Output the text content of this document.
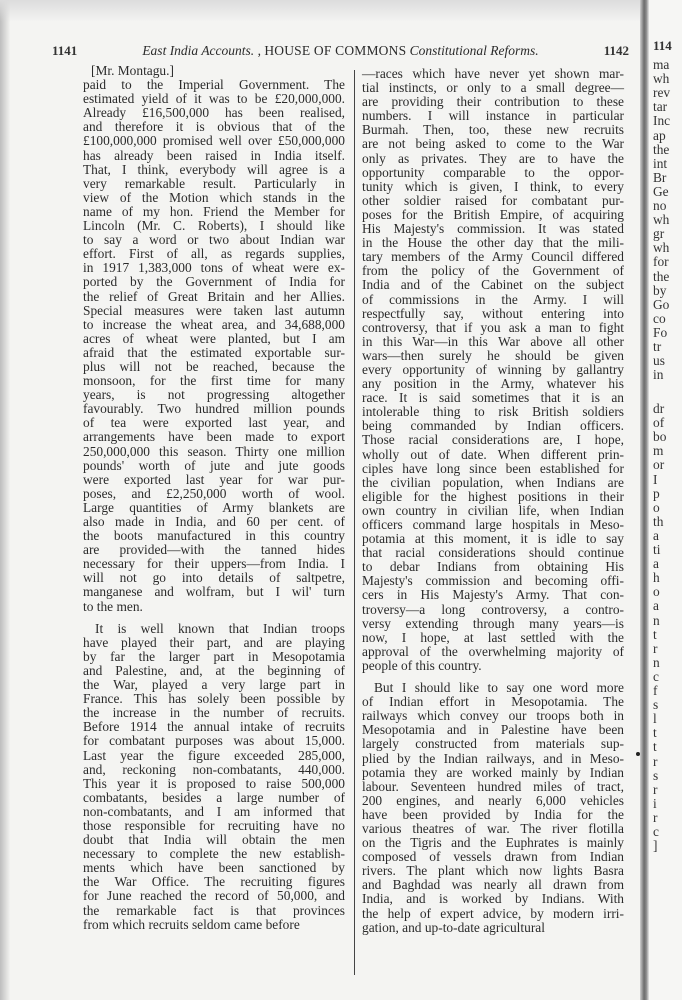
1141	East India Accounts. , HOUSE OF COMMONS Constitutional Reforms.	1142
[Mr. Montagu.]
paid to the Imperial Government. The
estimated yield of it was to be £20,000,000.
Already £16,500,000 has been realised,
and therefore it is obvious that of the
£100,000,000 promised well over £50,000,000
has already been raised in India itself.
That, I think, everybody will agree is a
very remarkable result. Particularly in
view of the Motion which stands in the
name of my hon. Friend the Member for
Lincoln (Mr. C. Roberts), I should like
to say a word or two about Indian war
effort. First of all, as regards supplies,
in 1917 1,383,000 tons of wheat were ex-
ported by the Government of India for
the relief of Great Britain and her Allies.
Special measures were taken last autumn
to increase the wheat area, and 34,688,000
acres of wheat were planted, but I am
afraid that the estimated exportable sur-
plus will not be reached, because the
monsoon, for the first time for many
years, is not progressing altogether
favourably. Two hundred million pounds
of tea were exported last year, and
arrangements have been made to export
250,000,000 this season. Thirty one million
pounds' worth of jute and jute goods
were exported last year for war pur-
poses, and £2,250,000 worth of wool.
Large quantities of Army blankets are
also made in India, and 60 per cent. of
the boots manufactured in this country
are provided—with the tanned hides
necessary for their uppers—from India. I
will not go into details of saltpetre,
manganese and wolfram, but I wil' turn
to the men.
It is well known that Indian troops
have played their part, and are playing
by far the larger part in Mesopotamia
and Palestine, and, at the beginning of
the War, played a very large part in
France. This has solely been possible by
the increase in the number of recruits.
Before 1914 the annual intake of recruits
for combatant purposes was about 15,000.
Last year the figure exceeded 285,000,
and, reckoning non-combatants, 440,000.
This year it is proposed to raise 500,000
combatants, besides a large number of
non-combatants, and I am informed that
those responsible for recruiting have no
doubt that India will obtain the men
necessary to complete the new establish-
ments which have been sanctioned by
the War Office. The recruiting figures
for June reached the record of 50,000, and
the remarkable fact is that provinces
from which recruits seldom came before
—races which have never yet shown mar-
tial instincts, or only to a small degree—
are providing their contribution to these
numbers. I will instance in particular
Burmah. Then, too, these new recruits
are not being asked to come to the War
only as privates. They are to have the
opportunity comparable to the oppor-
tunity which is given, I think, to every
other soldier raised for combatant pur-
poses for the British Empire, of acquiring
His Majesty's commission. It was stated
in the House the other day that the mili-
tary members of the Army Council differed
from the policy of the Government of
India and of the Cabinet on the subject
of commissions in the Army. I will
respectfully say, without entering into
controversy, that if you ask a man to fight
in this War—in this War above all other
wars—then surely he should be given
every opportunity of winning by gallantry
any position in the Army, whatever his
race. It is said sometimes that it is an
intolerable thing to risk British soldiers
being commanded by Indian officers.
Those racial considerations are, I hope,
wholly out of date. When different prin-
ciples have long since been established for
the civilian population, when Indians are
eligible for the highest positions in their
own country in civilian life, when Indian
officers command large hospitals in Meso-
potamia at this moment, it is idle to say
that racial considerations should continue
to debar Indians from obtaining His
Majesty's commission and becoming offi-
cers in His Majesty's Army. That con-
troversy—a long controversy, a contro-
versy extending through many years—is
now, I hope, at last settled with the
approval of the overwhelming majority of
people of this country.
But I should like to say one word more
of Indian effort in Mesopotamia. The
railways which convey our troops both in
Mesopotamia and in Palestine have been
largely constructed from materials sup-
plied by the Indian railways, and in Meso-
potamia they are worked mainly by Indian
labour. Seventeen hundred miles of tract,
200 engines, and nearly 6,000 vehicles
have been provided by India for the
various theatres of war. The river flotilla
on the Tigris and the Euphrates is mainly
composed of vessels drawn from Indian
rivers. The plant which now lights Basra
and Baghdad was nearly all drawn from
India, and is worked by Indians. With
the help of expert advice, by modern irri-
gation, and up-to-date agricultural
114
ma
wh
rev
tar
Inc
ap
the
int
Br
Ge
no
wh
gr
wh
for
the
by
Go
co
Fo
tr
us
in
dr
of
bo
m
or
I
p
o
th
a
ti
a
h
o
a
n
t
r
n
c
f
s
l
t
t
r
s
r
i
r
c
]
